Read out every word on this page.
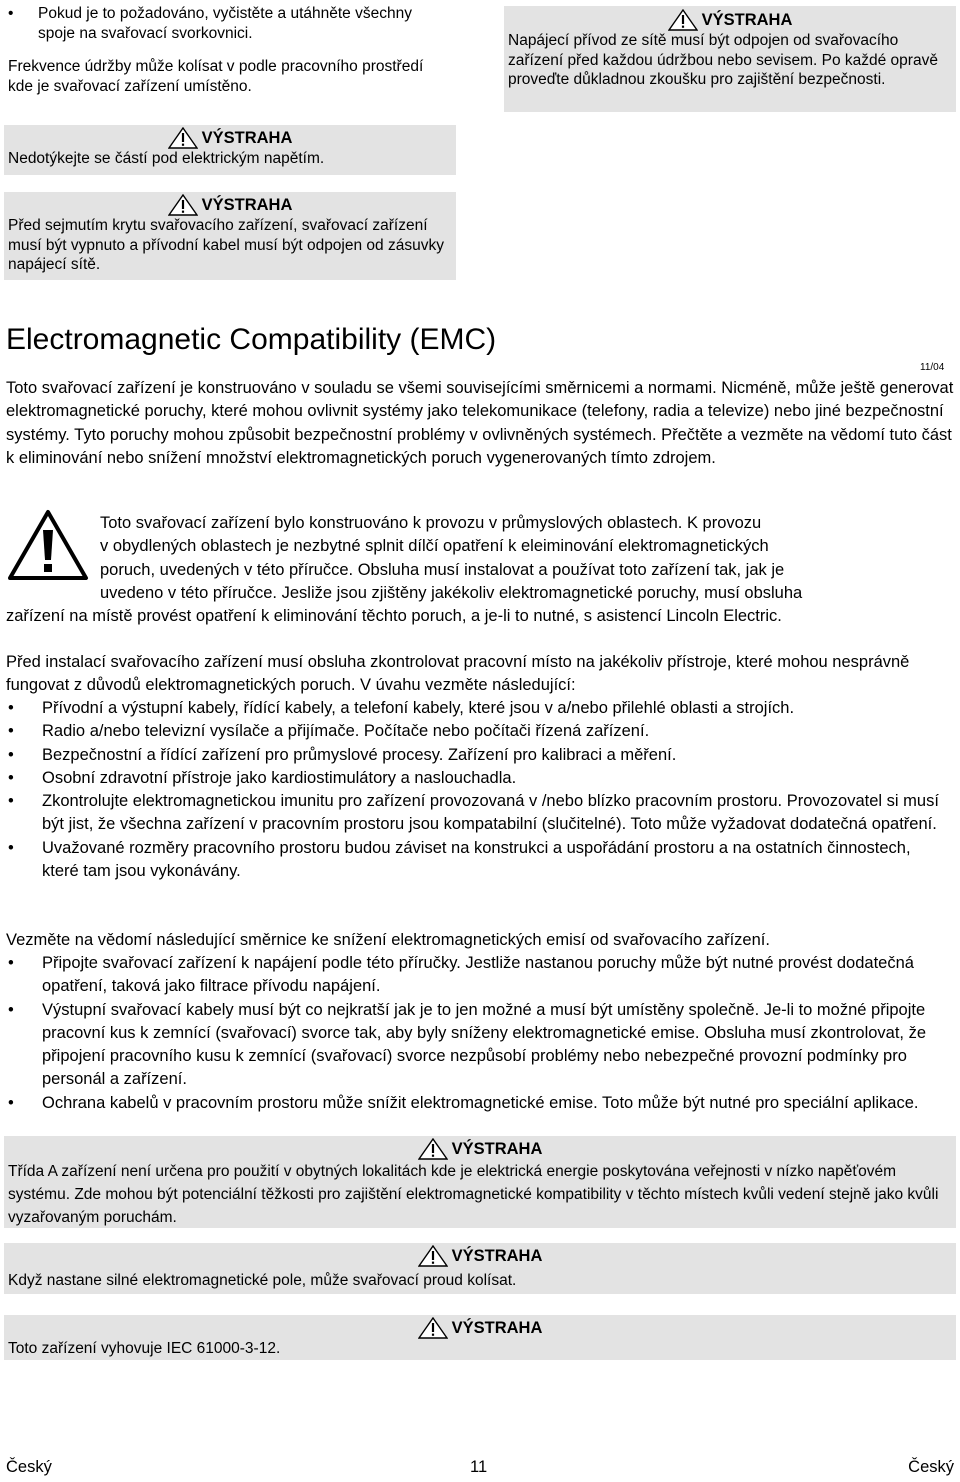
• Pokud je to požadováno, vyčistěte a utáhněte všechny spoje na svařovací svorkovnici.

Frekvence údržby může kolísat v podle pracovního prostředí kde je svařovací zařízení umístěno.

VÝSTRAHA

Napájecí přívod ze sítě musí být odpojen od svařovacího zařízení před každou údržbou nebo sevisem. Po každé opravě proveďte důkladnou zkoušku pro zajištění bezpečnosti.

VÝSTRAHA

Nedotýkejte se částí pod elektrickým napětím.

VÝSTRAHA

Před sejmutím krytu svařovacího zařízení, svařovací zařízení musí být vypnuto a přívodní kabel musí být odpojen od zásuvky napájecí sítě.

Electromagnetic Compatibility (EMC)
11/04

Toto svařovací zařízení je konstruováno v souladu se všemi souvisejícími směrnicemi a normami. Nicméně, může ještě generovat elektromagnetické poruchy, které mohou ovlivnit systémy jako telekomunikace (telefony, radia a televize) nebo jiné bezpečnostní systémy. Tyto poruchy mohou způsobit bezpečnostní problémy v ovlivněných systémech. Přečtěte a vezměte na vědomí tuto část k eliminování nebo snížení množství elektromagnetických poruch vygenerovaných tímto zdrojem.

Toto svařovací zařízení bylo konstruováno k provozu v průmyslových oblastech. K provozu
v obydlených oblastech je nezbytné splnit dílčí opatření k eleiminování elektromagnetických
poruch, uvedených v této příručce. Obsluha musí instalovat a používat toto zařízení tak, jak je
uvedeno v této příručce. Jesliže jsou zjištěny jakékoliv elektromagnetické poruchy, musí obsluha

zařízení na místě provést opatření k eliminování těchto poruch, a je-li to nutné, s asistencí Lincoln Electric.

Před instalací svařovacího zařízení musí obsluha zkontrolovat pracovní místo na jakékoliv přístroje, které mohou nesprávně fungovat z důvodů elektromagnetických poruch. V úvahu vezměte následující:

• Přívodní a výstupní kabely, řídící kabely, a telefoní kabely, které jsou v a/nebo přilehlé oblasti a strojích.
• Radio a/nebo televizní vysílače a přijímače. Počítače nebo počítači řízená zařízení.
• Bezpečnostní a řídící zařízení pro průmyslové procesy. Zařízení pro kalibraci a měření.
• Osobní zdravotní přístroje jako kardiostimulátory a naslouchadla.
• Zkontrolujte elektromagnetickou imunitu pro zařízení provozovaná v /nebo blízko pracovním prostoru. Provozovatel si musí být jist, že všechna zařízení v pracovním prostoru jsou kompatabilní (slučitelné). Toto může vyžadovat dodatečná opatření.
• Uvažované rozměry pracovního prostoru budou záviset na konstrukci a uspořádání prostoru a na ostatních činnostech, které tam jsou vykonávány.

Vezměte na vědomí následující směrnice ke snížení elektromagnetických emisí od svařovacího zařízení.

• Připojte svařovací zařízení k napájení podle této příručky. Jestliže nastanou poruchy může být nutné provést dodatečná opatření, taková jako filtrace přívodu napájení.
• Výstupní svařovací kabely musí být co nejkratší jak je to jen možné a musí být umístěny společně. Je-li to možné připojte pracovní kus k zemnící (svařovací) svorce tak, aby byly sníženy elektromagnetické emise. Obsluha musí zkontrolovat, že připojení pracovního kusu k zemnící (svařovací) svorce nezpůsobí problémy nebo nebezpečné provozní podmínky pro personál a zařízení.
• Ochrana kabelů v pracovním prostoru může snížit elektromagnetické emise. Toto může být nutné pro speciální aplikace.
VÝSTRAHA

Třída A zařízení není určena pro použití v obytných lokalitách kde je elektrická energie poskytována veřejnosti v nízko napěťovém systému. Zde mohou být potenciální těžkosti pro zajištění elektromagnetické kompatibility v těchto místech kvůli vedení stejně jako kvůli vyzařovaným poruchám.

VÝSTRAHA

Když nastane silné elektromagnetické pole, může svařovací proud kolísat.

VÝSTRAHA

Toto zařízení vyhovuje IEC 61000-3-12.

Český	11	Český
